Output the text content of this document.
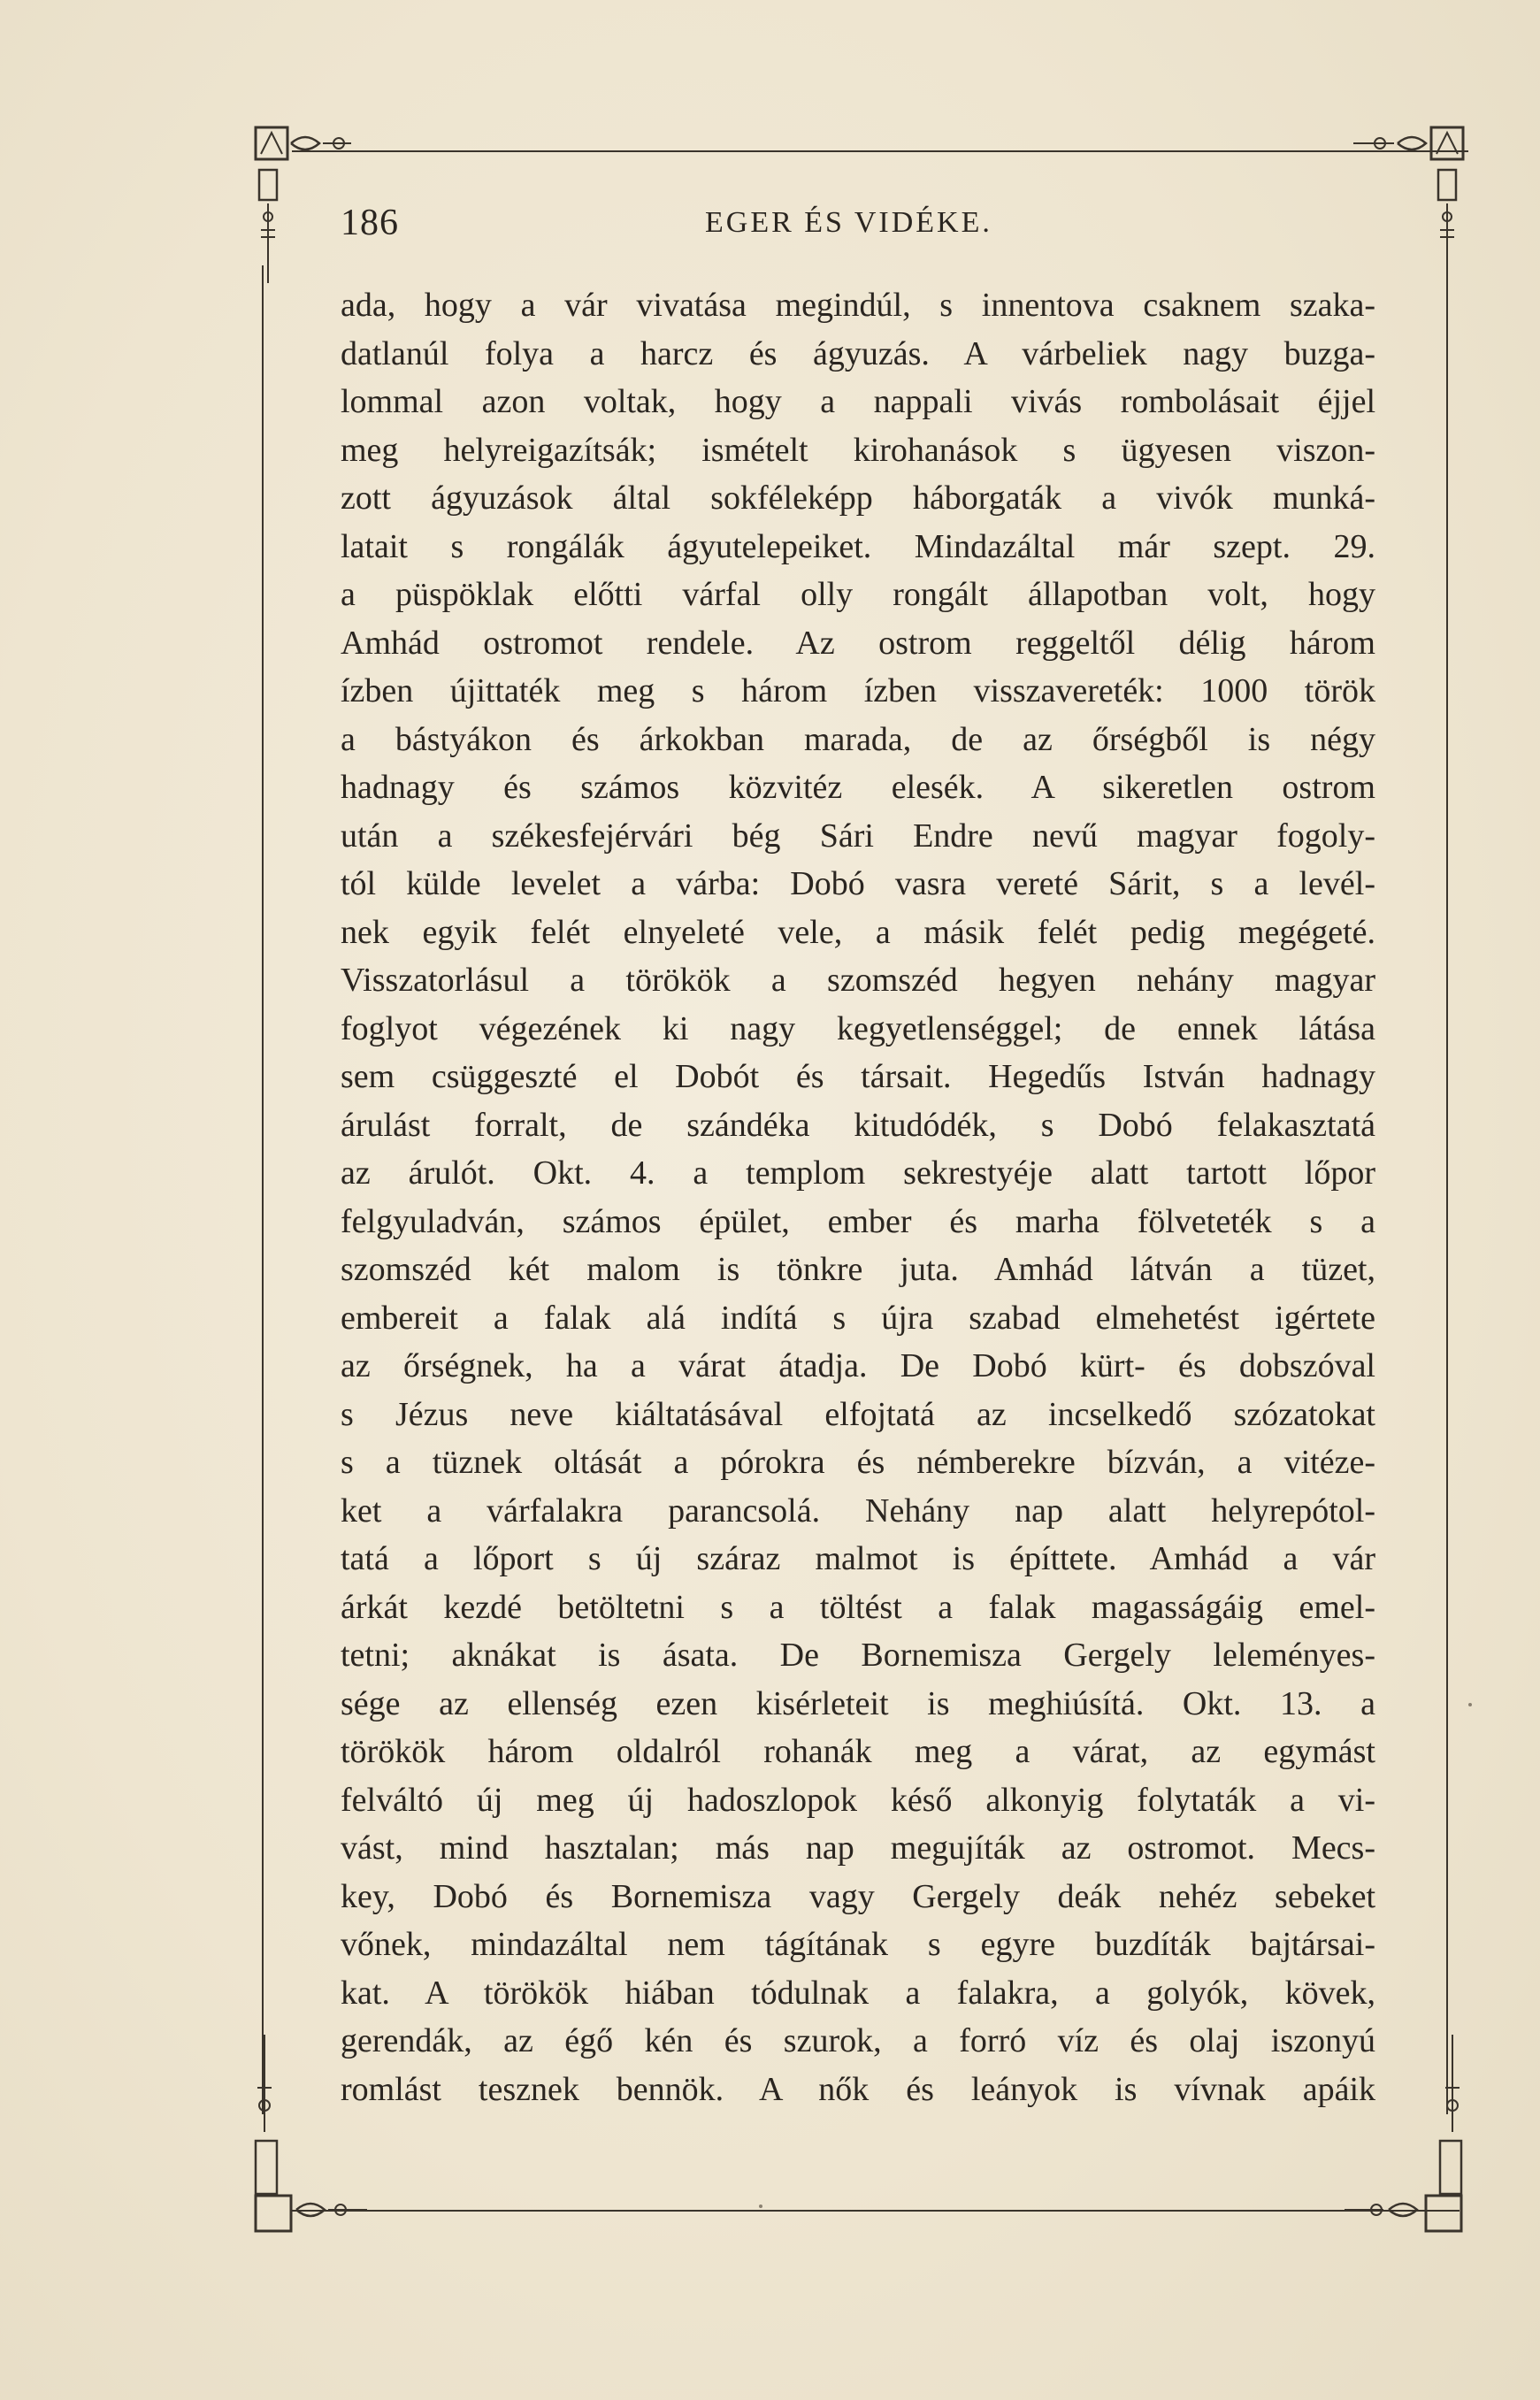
186	EGER ÉS VIDÉKE.
ada, hogy a vár vivatása megindúl, s innentova csaknem szaka-
datlanúl folya a harcz és ágyuzás. A várbeliek nagy buzga-
lommal azon voltak, hogy a nappali vivás rombolásait éjjel
meg helyreigazítsák; ismételt kirohanások s ügyesen viszon-
zott ágyuzások által sokféleképp háborgaták a vivók munká-
latait s rongálák ágyutelepeiket. Mindazáltal már szept. 29.
a püspöklak előtti várfal olly rongált állapotban volt, hogy
Amhád ostromot rendele. Az ostrom reggeltől délig három
ízben újittaték meg s három ízben visszavereték: 1000 török
a bástyákon és árkokban marada, de az őrségből is négy
hadnagy és számos közvitéz elesék. A sikeretlen ostrom
után a székesfejérvári bég Sári Endre nevű magyar fogoly-
tól külde levelet a várba: Dobó vasra vereté Sárit, s a levél-
nek egyik felét elnyeleté vele, a másik felét pedig megégeté.
Visszatorlásul a törökök a szomszéd hegyen nehány magyar
foglyot végezének ki nagy kegyetlenséggel; de ennek látása
sem csüggeszté el Dobót és társait. Hegedűs István hadnagy
árulást forralt, de szándéka kitudódék, s Dobó felakasztatá
az árulót. Okt. 4. a templom sekrestyéje alatt tartott lőpor
felgyuladván, számos épület, ember és marha fölveteték s a
szomszéd két malom is tönkre juta. Amhád látván a tüzet,
embereit a falak alá indítá s újra szabad elmehetést igértete
az őrségnek, ha a várat átadja. De Dobó kürt- és dobszóval
s Jézus neve kiáltatásával elfojtatá az incselkedő szózatokat
s a tüznek oltását a pórokra és némberekre bízván, a vitéze-
ket a várfalakra parancsolá. Nehány nap alatt helyrepótol-
tatá a lőport s új száraz malmot is építtete. Amhád a vár
árkát kezdé betöltetni s a töltést a falak magasságáig emel-
tetni; aknákat is ásata. De Bornemisza Gergely leleményes-
sége az ellenség ezen kisérleteit is meghiúsítá. Okt. 13. a
törökök három oldalról rohanák meg a várat, az egymást
felváltó új meg új hadoszlopok késő alkonyig folytaták a vi-
vást, mind hasztalan; más nap megujíták az ostromot. Mecs-
key, Dobó és Bornemisza vagy Gergely deák nehéz sebeket
vőnek, mindazáltal nem tágítának s egyre buzdíták bajtársai-
kat. A törökök hiában tódulnak a falakra, a golyók, kövek,
gerendák, az égő kén és szurok, a forró víz és olaj iszonyú
romlást tesznek bennök. A nők és leányok is vívnak apáik
